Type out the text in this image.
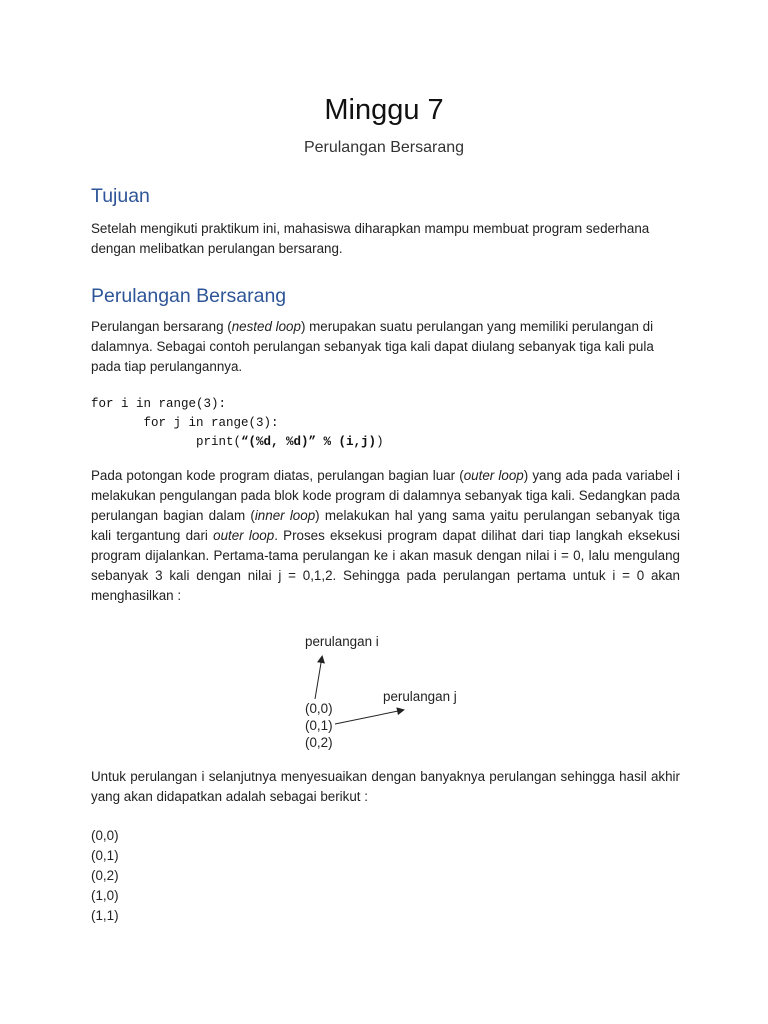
Minggu 7
Perulangan Bersarang
Tujuan
Setelah mengikuti praktikum ini, mahasiswa diharapkan mampu membuat program sederhana dengan melibatkan perulangan bersarang.
Perulangan Bersarang
Perulangan bersarang (nested loop) merupakan suatu perulangan yang memiliki perulangan di dalamnya. Sebagai contoh perulangan sebanyak tiga kali dapat diulang sebanyak tiga kali pula pada tiap perulangannya.
for i in range(3):
for j in range(3):
print(“(%d, %d)” % (i,j))
Pada potongan kode program diatas, perulangan bagian luar (outer loop) yang ada pada variabel i melakukan pengulangan pada blok kode program di dalamnya sebanyak tiga kali. Sedangkan pada perulangan bagian dalam (inner loop) melakukan hal yang sama yaitu perulangan sebanyak tiga kali tergantung dari outer loop. Proses eksekusi program dapat dilihat dari tiap langkah eksekusi program dijalankan. Pertama-tama perulangan ke i akan masuk dengan nilai i = 0, lalu mengulang sebanyak 3 kali dengan nilai j = 0,1,2. Sehingga pada perulangan pertama untuk i = 0 akan menghasilkan :
perulangan i
perulangan j
(0,0)
(0,1)
(0,2)
Untuk perulangan i selanjutnya menyesuaikan dengan banyaknya perulangan sehingga hasil akhir yang akan didapatkan adalah sebagai berikut :
(0,0)
(0,1)
(0,2)
(1,0)
(1,1)
